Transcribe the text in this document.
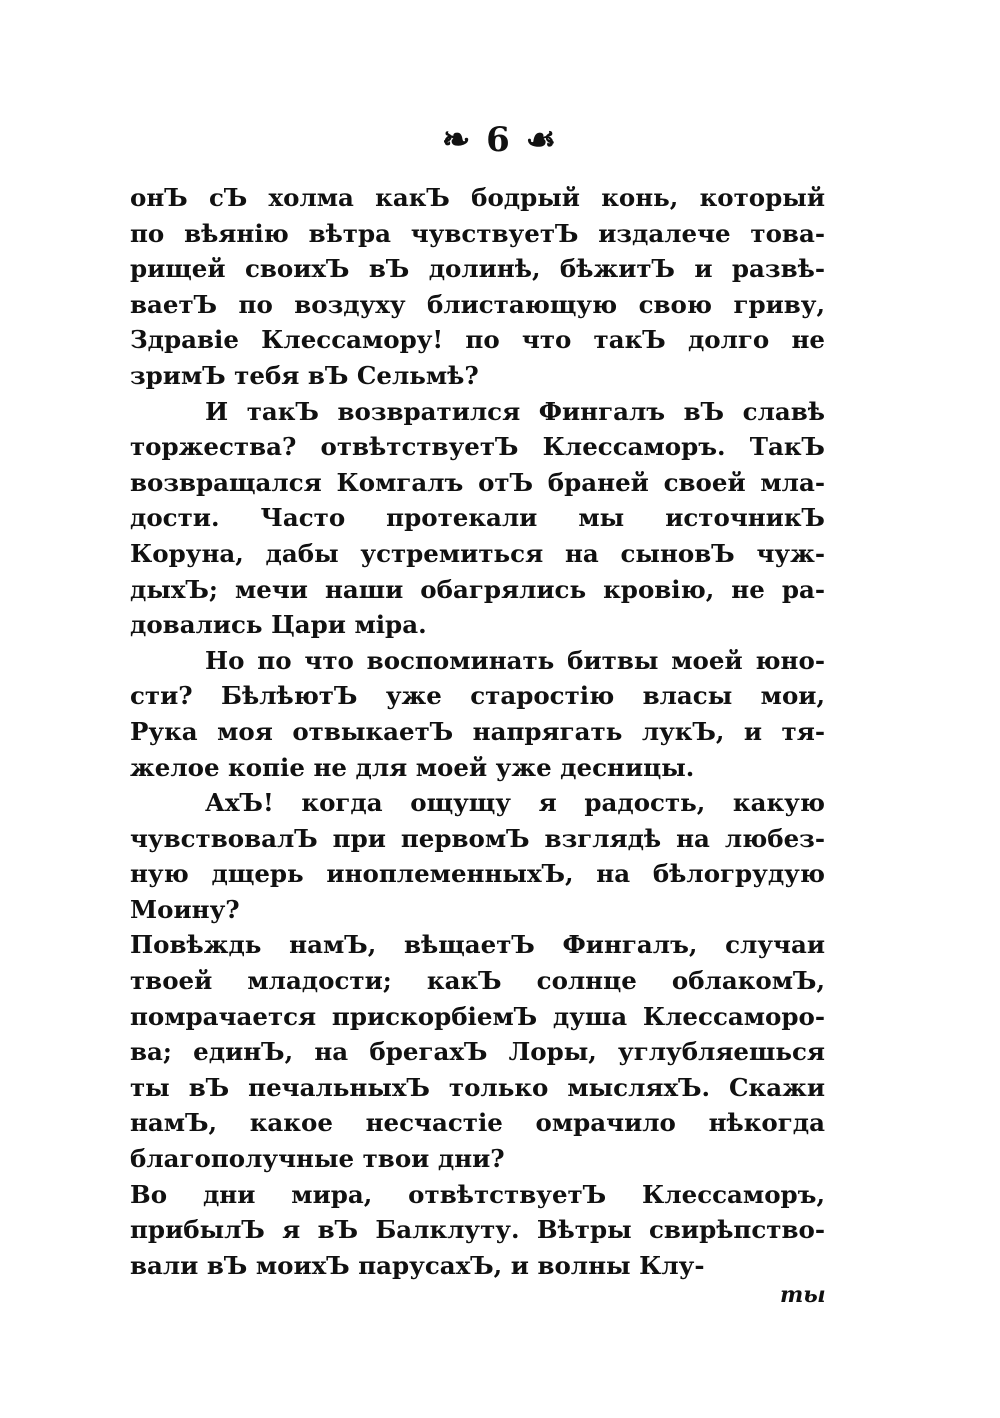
❧ 6 ☙
онЪ сЪ холма какЪ бодрый конь, который
по вѣянію вѣтра чувствуетЪ издалече товa-
рищей своихЪ вЪ долинѣ, бѣжитЪ и развѣ-
ваетЪ по воздуху блистающую свою гриву,
Здравіе Клессамору! по что такЪ долго не
зримЪ тебя вЪ Сельмѣ?
И такЪ возвратился Фингалъ вЪ славѣ
торжества? отвѣтствуетЪ Клессаморъ. ТакЪ
возвращался Комгалъ отЪ браней своей мла-
дости. Часто протекали мы источникЪ
Коруна, дабы устремиться на сыновЪ чуж-
дыхЪ; мечи наши обагрялись кровію, не ра-
довались Цари міра.
Но по что воспоминать битвы моей юно-
сти? БѣлѣютЪ уже старостію власы мои,
Рука моя отвыкаетЪ напрягать лукЪ, и тя-
желое копіе не для моей уже десницы.
АхЪ! когда ощущу я радость, какую
чувствовалЪ при первомЪ взглядѣ на любез-
ную дщерь иноплеменныхЪ, на бѣлогрудую
Моину?
Повѣждь намЪ, вѣщаетЪ Фингалъ, случаи
твоей младости; какЪ солнце облакомЪ,
помрачается прискорбіемЪ душа Клессаморо-
ва; единЪ, на брегахЪ Лоры, углубляешься
ты вЪ печальныхЪ только мысляхЪ. Скажи
намЪ, какое несчастіе омрачило нѣкогда
благополучные твои дни?
Во дни мира, отвѣтствуетЪ Клессаморъ,
прибылЪ я вЪ Балклуту. Вѣтры свирѣпство-
вали вЪ моихЪ парусахЪ, и волны Клу-
ты
